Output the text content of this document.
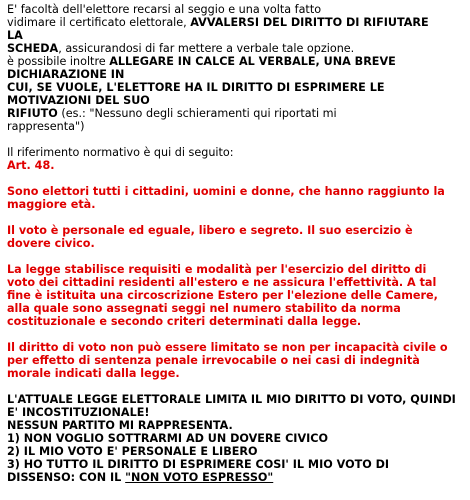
E' facoltà dell'elettore recarsi al seggio e una volta fatto
vidimare il certificato elettorale, AVVALERSI DEL DIRITTO DI RIFIUTARE
LA
SCHEDA, assicurandosi di far mettere a verbale tale opzione.
è possibile inoltre ALLEGARE IN CALCE AL VERBALE, UNA BREVE
DICHIARAZIONE IN
CUI, SE VUOLE, L'ELETTORE HA IL DIRITTO DI ESPRIMERE LE
MOTIVAZIONI DEL SUO
RIFIUTO (es.: "Nessuno degli schieramenti qui riportati mi
rappresenta")
Il riferimento normativo è qui di seguito:
Art. 48.
Sono elettori tutti i cittadini, uomini e donne, che hanno raggiunto la
maggiore età.
Il voto è personale ed eguale, libero e segreto. Il suo esercizio è
dovere civico.
La legge stabilisce requisiti e modalità per l'esercizio del diritto di
voto dei cittadini residenti all'estero e ne assicura l'effettività. A tal
fine è istituita una circoscrizione Estero per l'elezione delle Camere,
alla quale sono assegnati seggi nel numero stabilito da norma
costituzionale e secondo criteri determinati dalla legge.
Il diritto di voto non può essere limitato se non per incapacità civile o
per effetto di sentenza penale irrevocabile o nei casi di indegnità
morale indicati dalla legge.
L'ATTUALE LEGGE ELETTORALE LIMITA IL MIO DIRITTO DI VOTO, QUINDI
E' INCOSTITUZIONALE!
NESSUN PARTITO MI RAPPRESENTA.
1) NON VOGLIO SOTTRARMI AD UN DOVERE CIVICO
2) IL MIO VOTO E' PERSONALE E LIBERO
3) HO TUTTO IL DIRITTO DI ESPRIMERE COSI' IL MIO VOTO DI
DISSENSO: CON IL "NON VOTO ESPRESSO"
